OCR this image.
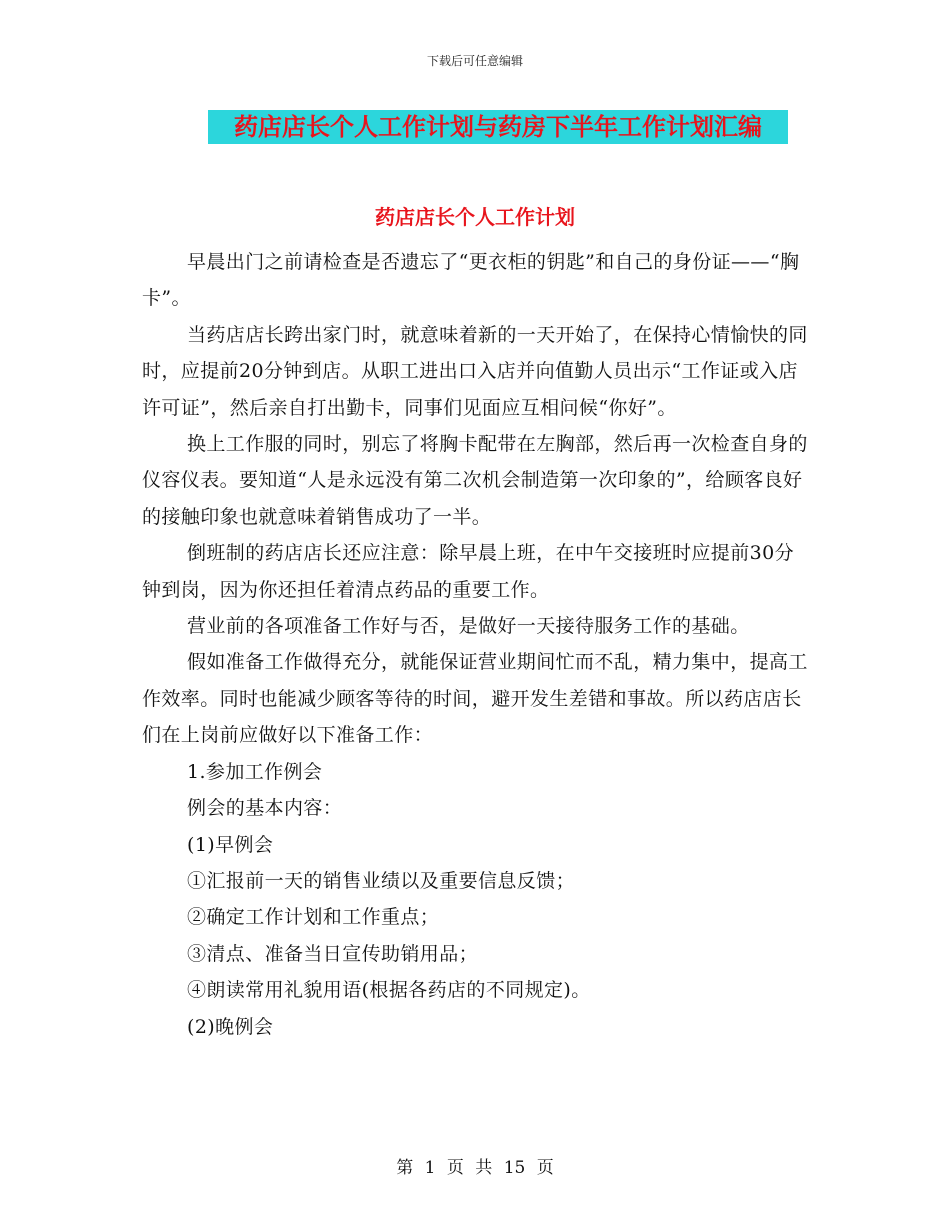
下载后可任意编辑
药店店长个人工作计划与药房下半年工作计划汇编
药店店长个人工作计划

早晨出门之前请检查是否遗忘了“更衣柜的钥匙”和自己的身份证——“胸卡”。

当药店店长跨出家门时，就意味着新的一天开始了，在保持心情愉快的同时，应提前20分钟到店。从职工进出口入店并向值勤人员出示“工作证或入店许可证”，然后亲自打出勤卡，同事们见面应互相问候“你好”。

换上工作服的同时，别忘了将胸卡配带在左胸部，然后再一次检查自身的仪容仪表。要知道“人是永远没有第二次机会制造第一次印象的”，给顾客良好的接触印象也就意味着销售成功了一半。

倒班制的药店店长还应注意：除早晨上班，在中午交接班时应提前30分钟到岗，因为你还担任着清点药品的重要工作。

营业前的各项准备工作好与否，是做好一天接待服务工作的基础。

假如准备工作做得充分，就能保证营业期间忙而不乱，精力集中，提高工作效率。同时也能减少顾客等待的时间，避开发生差错和事故。所以药店店长们在上岗前应做好以下准备工作：

1.参加工作例会

例会的基本内容：

(1)早例会

①汇报前一天的销售业绩以及重要信息反馈；

②确定工作计划和工作重点；

③清点、准备当日宣传助销用品；

④朗读常用礼貌用语(根据各药店的不同规定)。

(2)晚例会

第 1 页 共 15 页
